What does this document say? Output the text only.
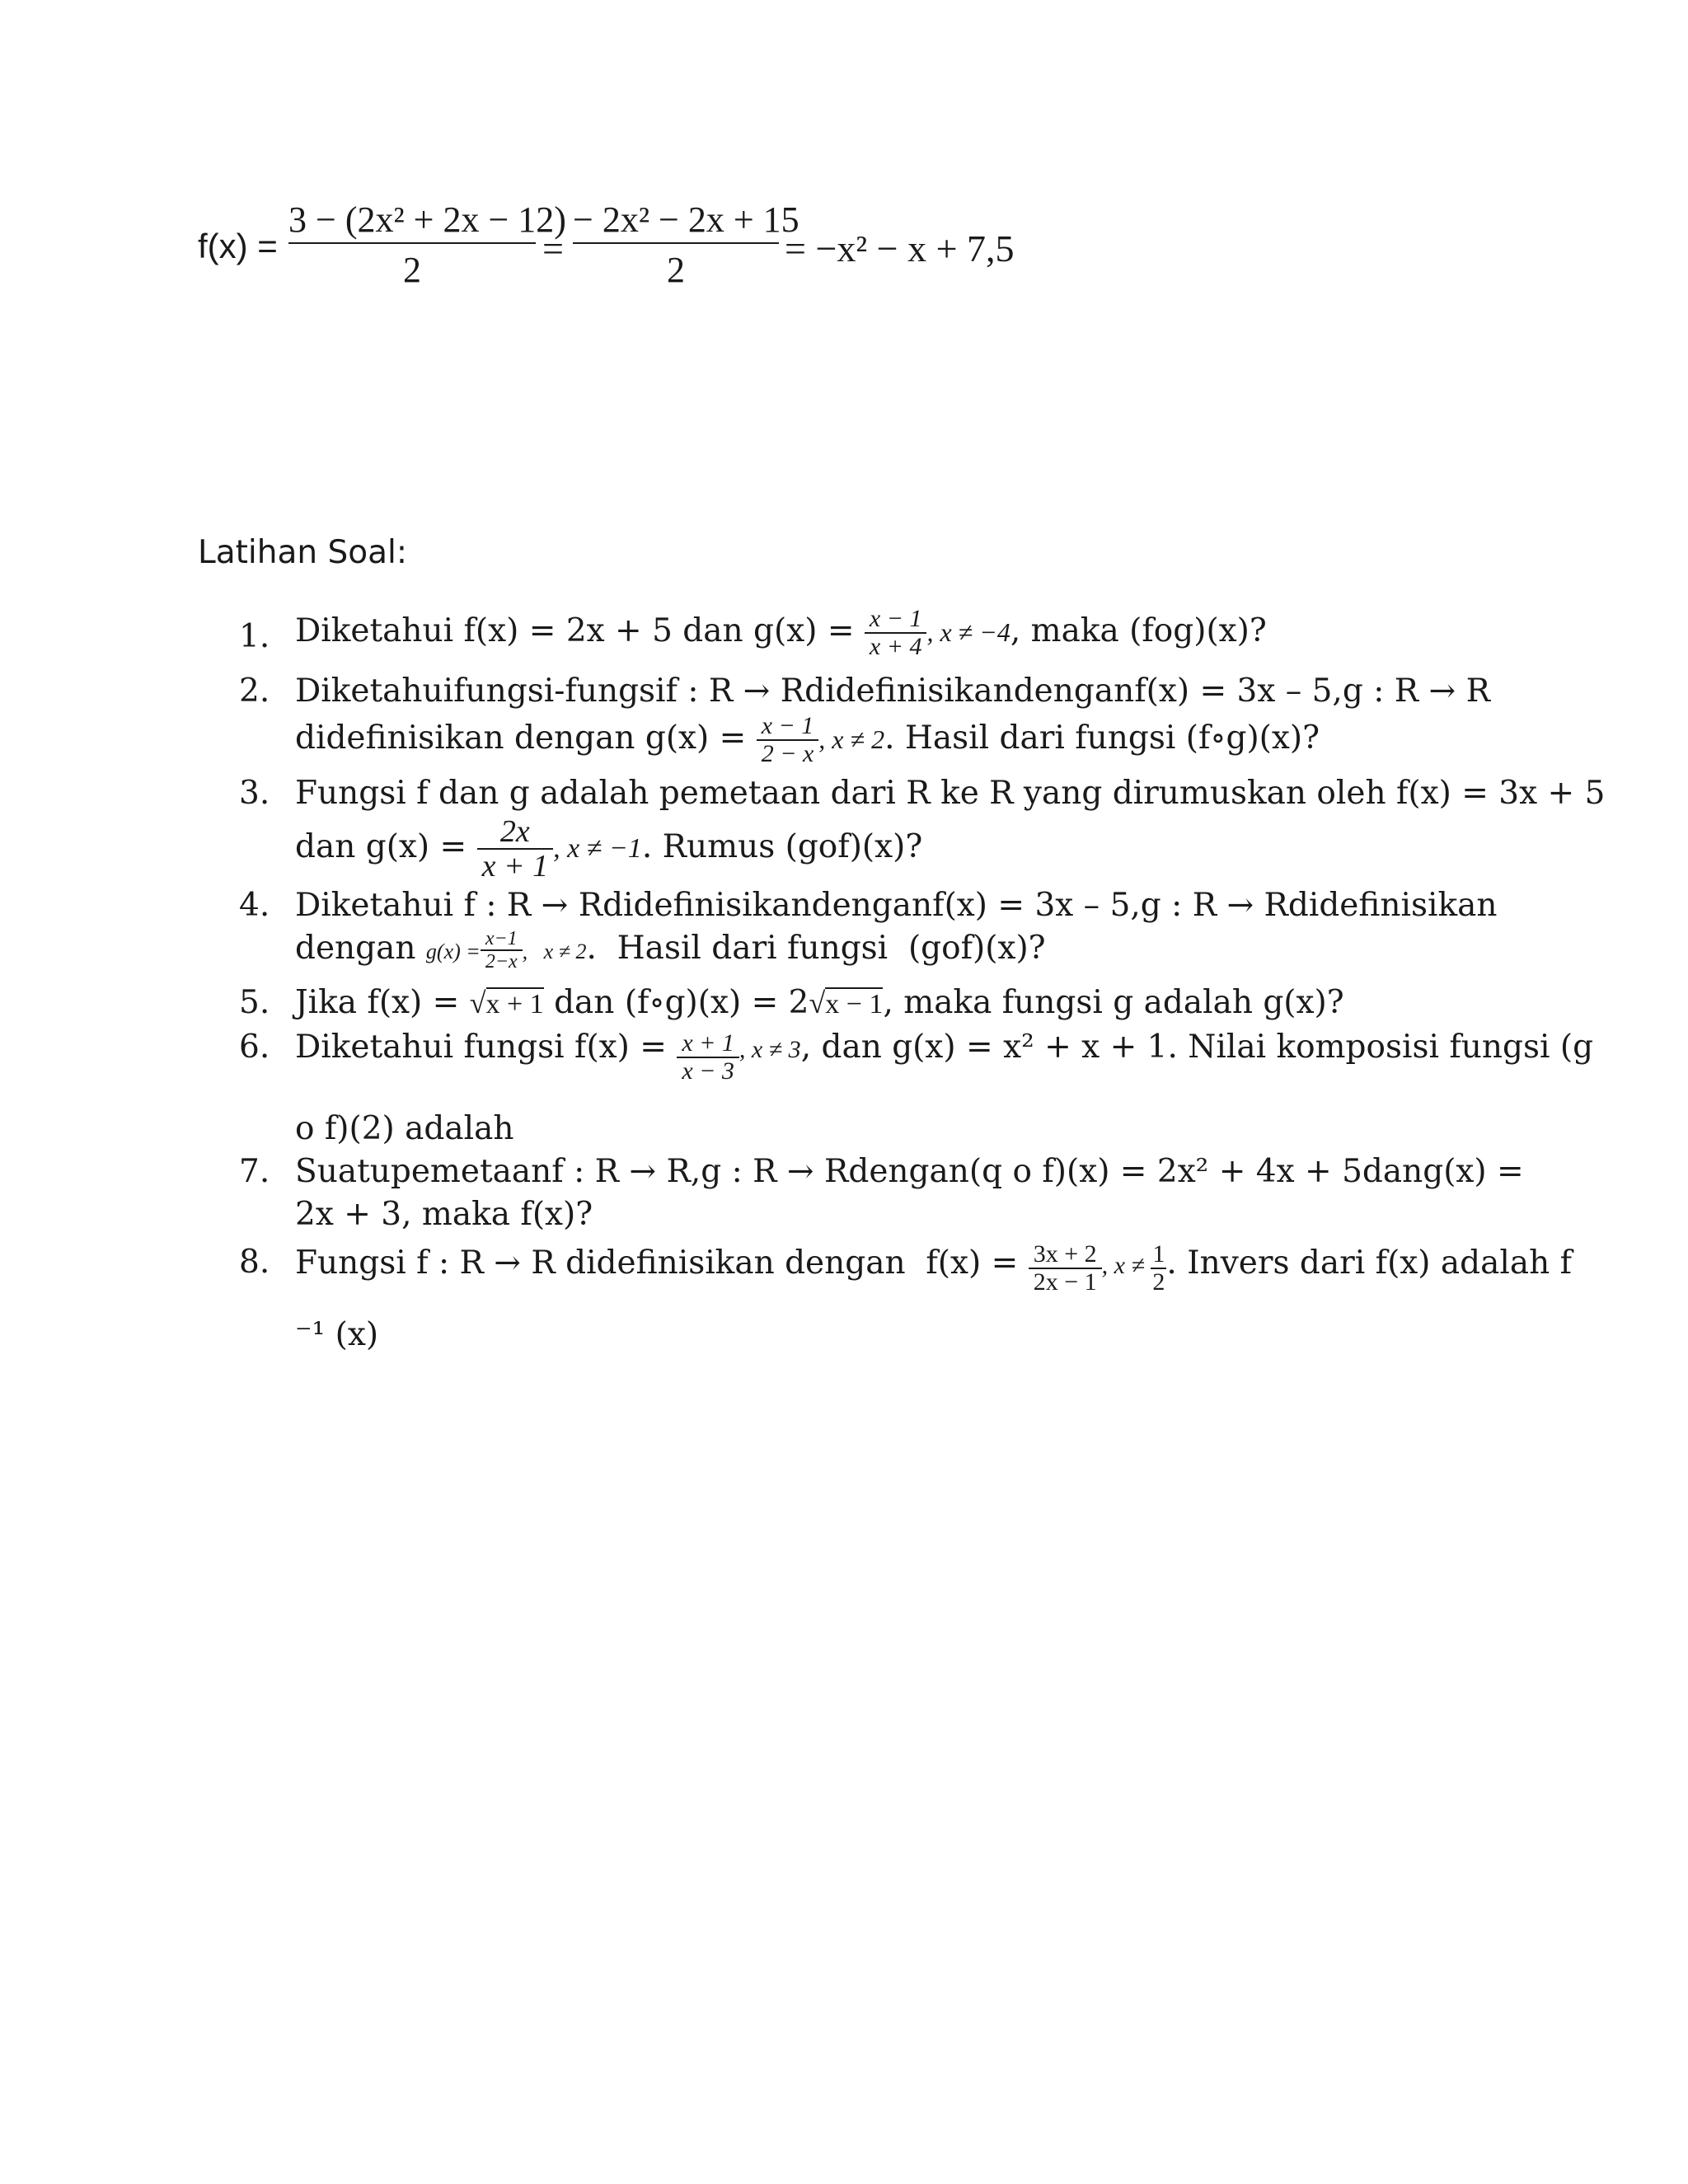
$f(x) = \frac{\text{3 − (2x² + 2x − 12)}}{2} = \frac{\text{− 2x² − 2x + 15}}{2} = -x^2 - x + 7,5$
Latihan Soal:
1. Diketahui f(x) = 2x + 5 dan $g(x) = \frac{x - 1}{x + 4}$ , x ≠ −4, maka (fog)(x)?
2. Diketahui fungsi-fungsi f : R → R didefinisikan dengan f(x) = 3x – 5, g : R → R
didefinisikan dengan $g(x) = \frac{x - 1}{2 - x}$ , x ≠ 2. Hasil dari fungsi (f∘g)(x)?
3. Fungsi f dan g adalah pemetaan dari R ke R yang dirumuskan oleh f(x) = 3x + 5
dan $g(x) = \frac{2x}{x + 1}$ , x ≠ −1. Rumus (gof)(x)?
4. Diketahui f : R → R didefinisikan dengan f(x) = 3x – 5, g : R → R didefinisikan
dengan $g(x) = \frac{x-1}{2-x}$ ,   x ≠ 2.  Hasil dari fungsi  (gof)(x)?
5. Jika f(x) = √x + 1 dan (f∘g)(x) = 2√x − 1, maka fungsi g adalah g(x)?
6. Diketahui fungsi $f(x) = \frac{x + 1}{x - 3}$ , x ≠ 3, dan g(x) = x² + x + 1. Nilai komposisi fungsi (g
o f)(2) adalah
7. Suatu pemetaan f : R → R, g : R → R dengan (q o f)(x) = 2x² + 4x + 5 dan g(x) =
2x + 3, maka f(x)?
8. Fungsi f : R → R didefinisikan dengan  $f(x) = \frac{3x + 2}{2x - 1}$ , $x \ne \frac{1}{2}$ . Invers dari f(x) adalah f
⁻¹ (x)
